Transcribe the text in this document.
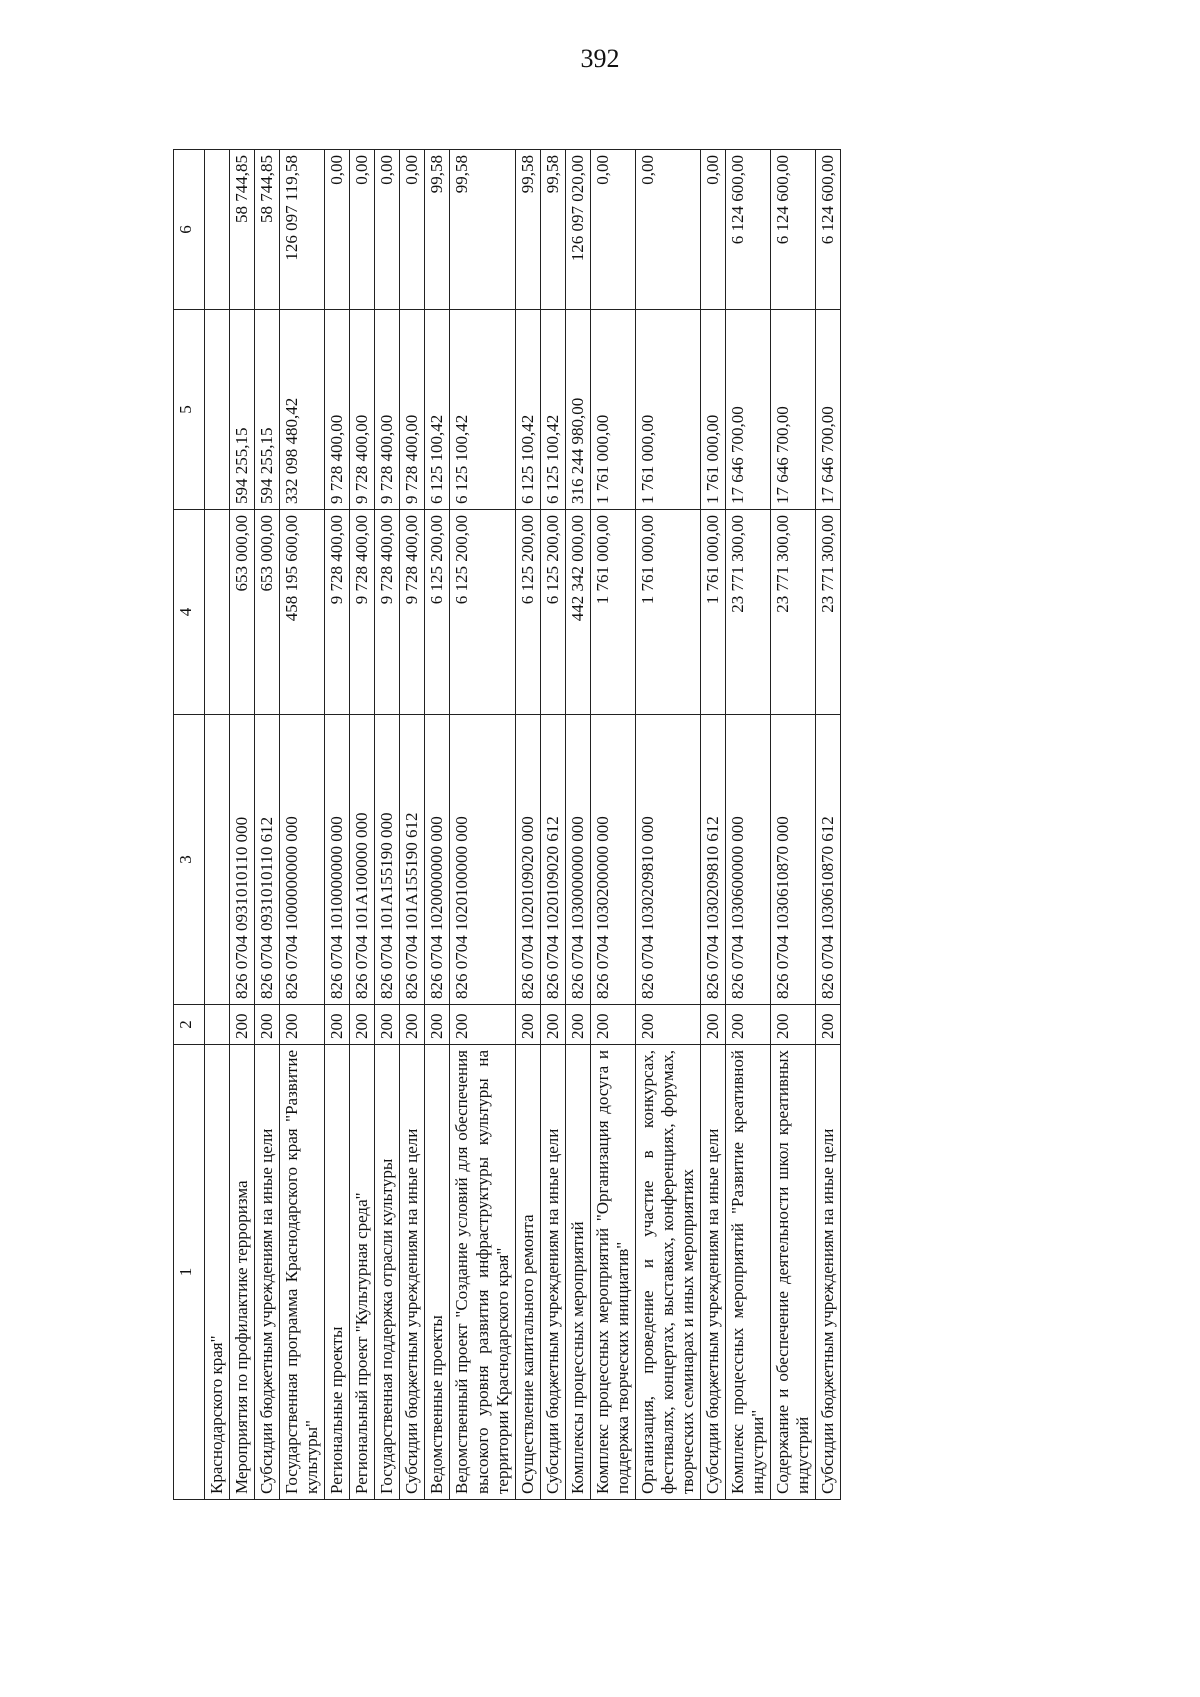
392
1	2	3	4	5	6
Краснодарского края"					
Мероприятия по профилактике терроризма	200	826 0704 0931010110 000	653 000,00	594 255,15	58 744,85
Субсидии бюджетным учреждениям на иные цели	200	826 0704 0931010110 612	653 000,00	594 255,15	58 744,85
Государственная программа Краснодарского края "Развитие культуры"	200	826 0704 1000000000 000	458 195 600,00	332 098 480,42	126 097 119,58
Региональные проекты	200	826 0704 1010000000 000	9 728 400,00	9 728 400,00	0,00
Региональный проект "Культурная среда"	200	826 0704 101А100000 000	9 728 400,00	9 728 400,00	0,00
Государственная поддержка отрасли культуры	200	826 0704 101А155190 000	9 728 400,00	9 728 400,00	0,00
Субсидии бюджетным учреждениям на иные цели	200	826 0704 101А155190 612	9 728 400,00	9 728 400,00	0,00
Ведомственные проекты	200	826 0704 1020000000 000	6 125 200,00	6 125 100,42	99,58
Ведомственный проект "Создание условий для обеспечения высокого уровня развития инфраструктуры культуры на территории Краснодарского края"	200	826 0704 1020100000 000	6 125 200,00	6 125 100,42	99,58
Осуществление капитального ремонта	200	826 0704 1020109020 000	6 125 200,00	6 125 100,42	99,58
Субсидии бюджетным учреждениям на иные цели	200	826 0704 1020109020 612	6 125 200,00	6 125 100,42	99,58
Комплексы процессных мероприятий	200	826 0704 1030000000 000	442 342 000,00	316 244 980,00	126 097 020,00
Комплекс процессных мероприятий "Организация досуга и поддержка творческих инициатив"	200	826 0704 1030200000 000	1 761 000,00	1 761 000,00	0,00
Организация, проведение и участие в конкурсах, фестивалях, концертах, выставках, конференциях, форумах, творческих семинарах и иных мероприятиях	200	826 0704 1030209810 000	1 761 000,00	1 761 000,00	0,00
Субсидии бюджетным учреждениям на иные цели	200	826 0704 1030209810 612	1 761 000,00	1 761 000,00	0,00
Комплекс процессных мероприятий "Развитие креативной индустрии"	200	826 0704 1030600000 000	23 771 300,00	17 646 700,00	6 124 600,00
Содержание и обеспечение деятельности школ креативных индустрий	200	826 0704 1030610870 000	23 771 300,00	17 646 700,00	6 124 600,00
Субсидии бюджетным учреждениям на иные цели	200	826 0704 1030610870 612	23 771 300,00	17 646 700,00	6 124 600,00
